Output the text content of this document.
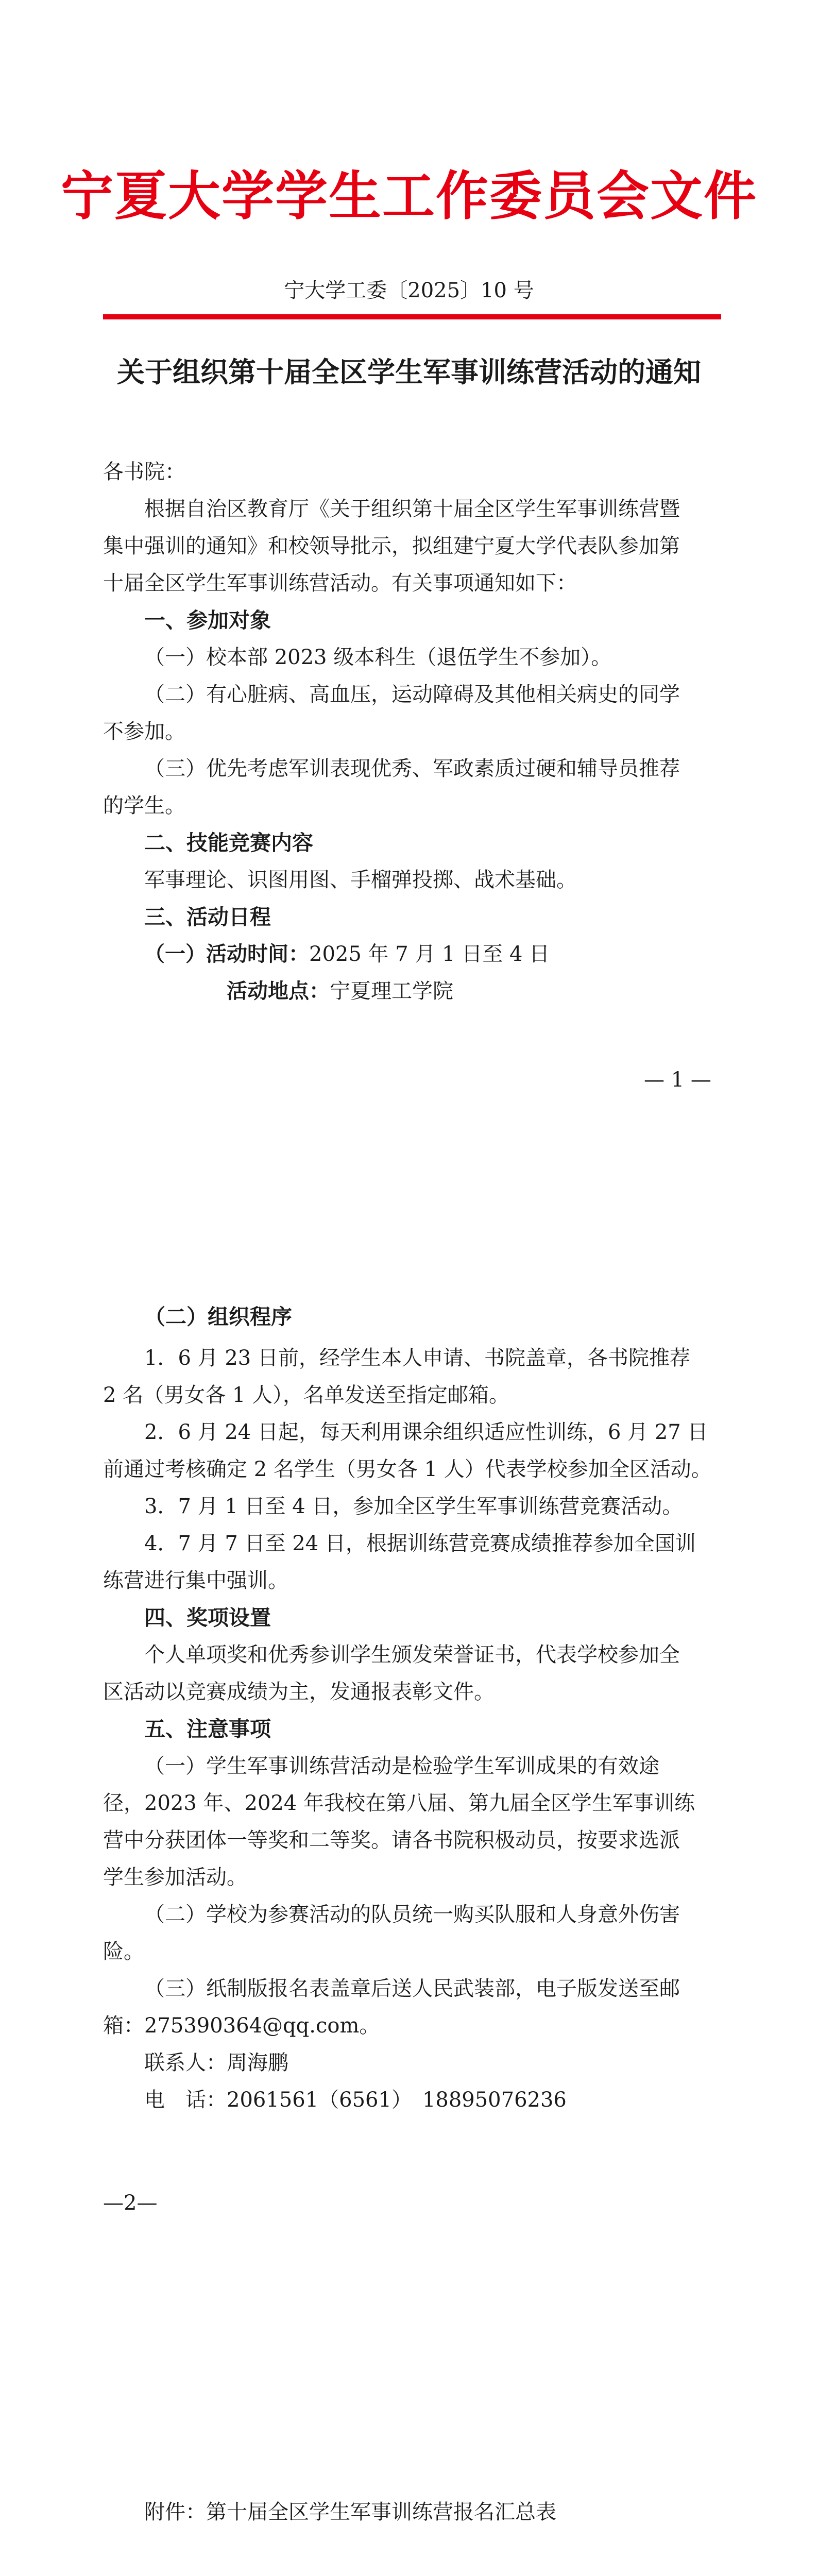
宁夏大学学生工作委员会文件
宁大学工委〔2025〕10 号
关于组织第十届全区学生军事训练营活动的通知
各书院：
根据自治区教育厅《关于组织第十届全区学生军事训练营暨
集中强训的通知》和校领导批示，拟组建宁夏大学代表队参加第
十届全区学生军事训练营活动。有关事项通知如下：
一、参加对象
（一）校本部 2023 级本科生（退伍学生不参加）。
（二）有心脏病、高血压，运动障碍及其他相关病史的同学
不参加。
（三）优先考虑军训表现优秀、军政素质过硬和辅导员推荐
的学生。
二、技能竞赛内容
军事理论、识图用图、手榴弹投掷、战术基础。
三、活动日程
（一）活动时间：2025 年 7 月 1 日至 4 日
活动地点：宁夏理工学院
— 1 —
（二）组织程序
1．6 月 23 日前，经学生本人申请、书院盖章，各书院推荐
2 名（男女各 1 人），名单发送至指定邮箱。
2．6 月 24 日起，每天利用课余组织适应性训练，6 月 27 日
前通过考核确定 2 名学生（男女各 1 人）代表学校参加全区活动。
3．7 月 1 日至 4 日，参加全区学生军事训练营竞赛活动。
4．7 月 7 日至 24 日，根据训练营竞赛成绩推荐参加全国训
练营进行集中强训。
四、奖项设置
个人单项奖和优秀参训学生颁发荣誉证书，代表学校参加全
区活动以竞赛成绩为主，发通报表彰文件。
五、注意事项
（一）学生军事训练营活动是检验学生军训成果的有效途
径，2023 年、2024 年我校在第八届、第九届全区学生军事训练
营中分获团体一等奖和二等奖。请各书院积极动员，按要求选派
学生参加活动。
（二）学校为参赛活动的队员统一购买队服和人身意外伤害
险。
（三）纸制版报名表盖章后送人民武装部，电子版发送至邮
箱：275390364@qq.com。
联系人：周海鹏
电　话：2061561（6561）　18895076236
—2—
附件：第十届全区学生军事训练营报名汇总表
